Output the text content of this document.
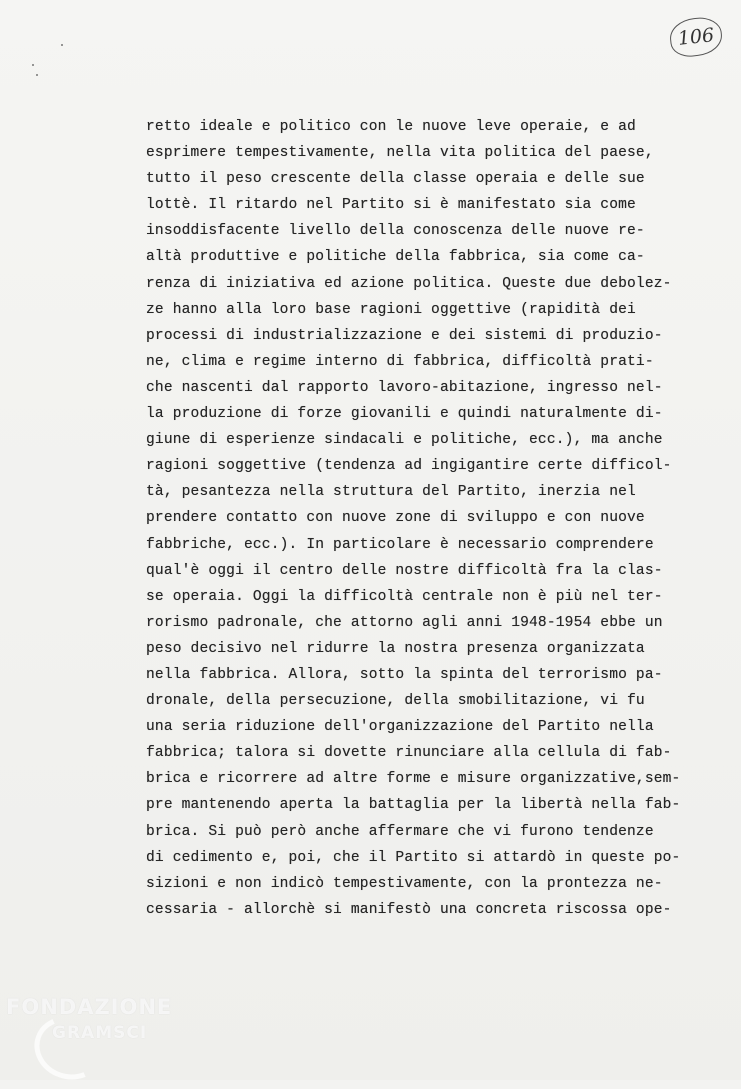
106
retto ideale e politico con le nuove leve operaie, e ad
esprimere tempestivamente, nella vita politica del paese,
tutto il peso crescente della classe operaia e delle sue
lottè. Il ritardo nel Partito si è manifestato sia come
insoddisfacente livello della conoscenza delle nuove re-
altà produttive e politiche della fabbrica, sia come ca-
renza di iniziativa ed azione politica. Queste due debolez-
ze hanno alla loro base ragioni oggettive (rapidità dei
processi di industrializzazione e dei sistemi di produzio-
ne, clima e regime interno di fabbrica, difficoltà prati-
che nascenti dal rapporto lavoro-abitazione, ingresso nel-
la produzione di forze giovanili e quindi naturalmente di-
giune di esperienze sindacali e politiche, ecc.), ma anche
ragioni soggettive (tendenza ad ingigantire certe difficol-
tà, pesantezza nella struttura del Partito, inerzia nel
prendere contatto con nuove zone di sviluppo e con nuove
fabbriche, ecc.). In particolare è necessario comprendere
qual'è oggi il centro delle nostre difficoltà fra la clas-
se operaia. Oggi la difficoltà centrale non è più nel ter-
rorismo padronale, che attorno agli anni 1948-1954 ebbe un
peso decisivo nel ridurre la nostra presenza organizzata
nella fabbrica. Allora, sotto la spinta del terrorismo pa-
dronale, della persecuzione, della smobilitazione, vi fu
una seria riduzione dell'organizzazione del Partito nella
fabbrica; talora si dovette rinunciare alla cellula di fab-
brica e ricorrere ad altre forme e misure organizzative,sem-
pre mantenendo aperta la battaglia per la libertà nella fab-
brica. Si può però anche affermare che vi furono tendenze
di cedimento e, poi, che il Partito si attardò in queste po-
sizioni e non indicò tempestivamente, con la prontezza ne-
cessaria - allorchè si manifestò una concreta riscossa ope-
FONDAZIONE
GRAMSCI
